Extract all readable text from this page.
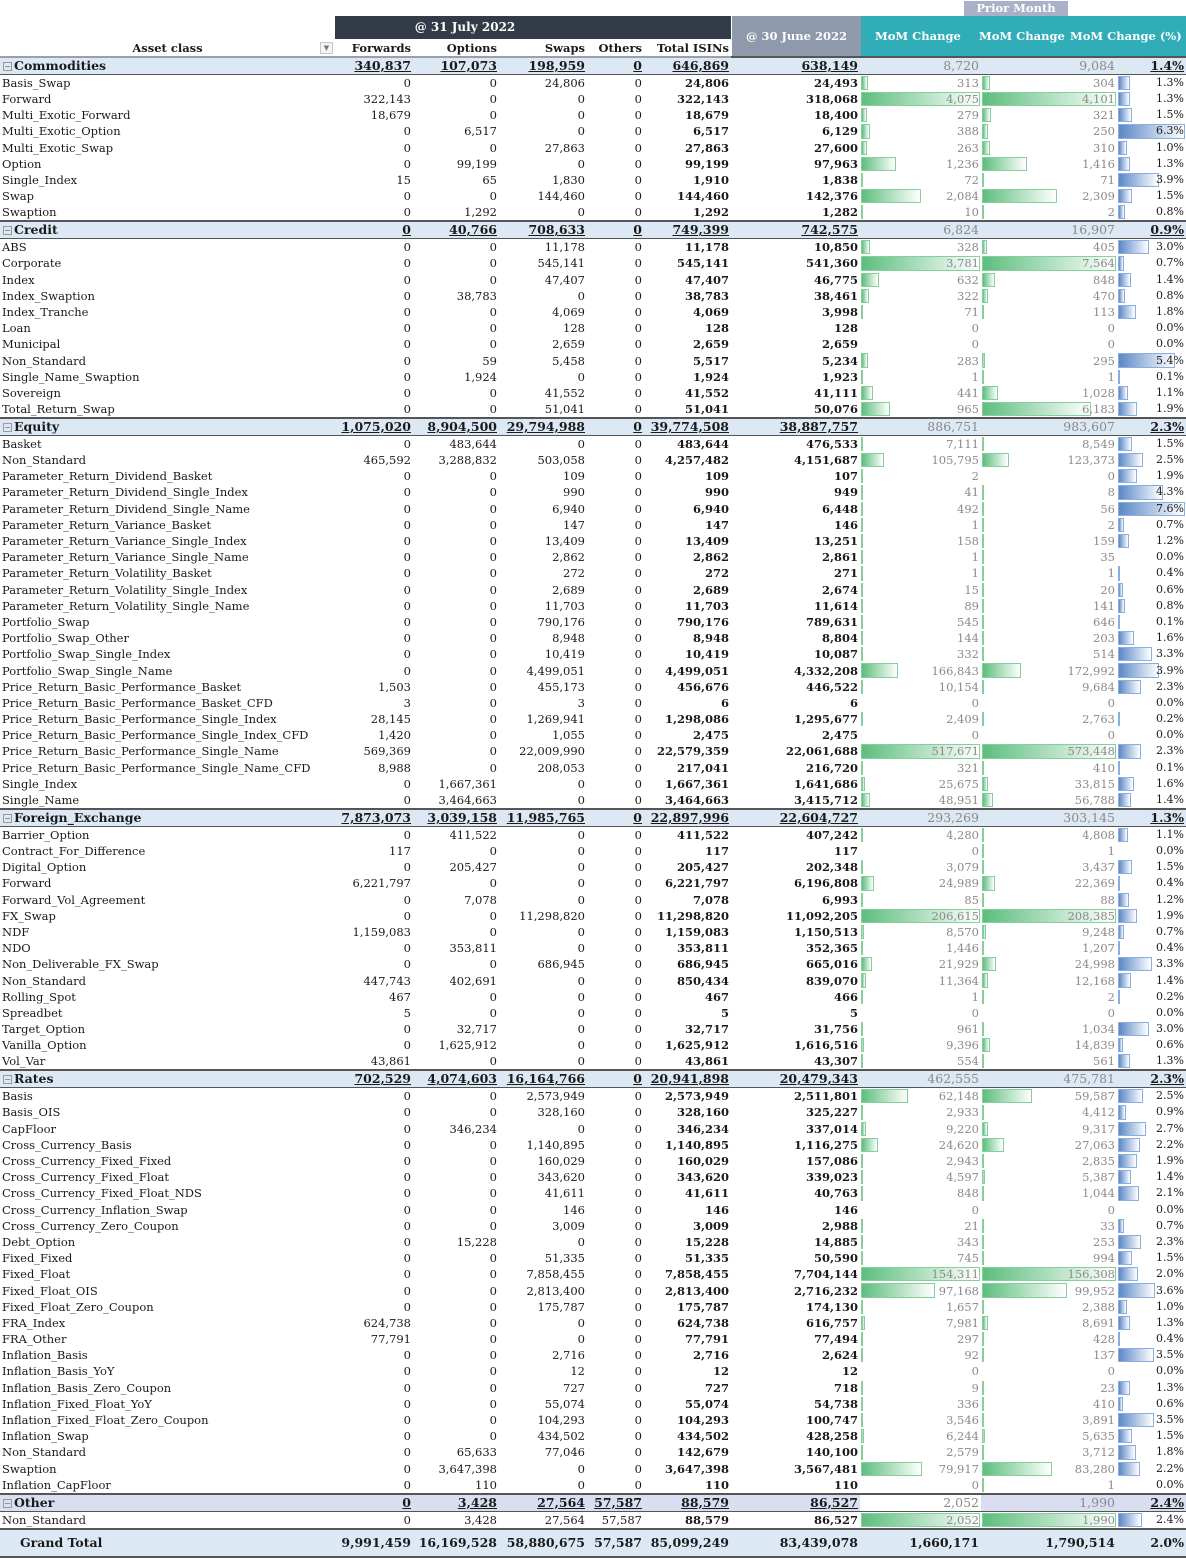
Prior Month
@ 31 July 2022
@ 30 June 2022	MoM Change MoM Change MoM Change (%)
Asset class ▼	Forwards	Options	Swaps	Others	Total ISINs				
− Commodities	340,837	107,073	198,959	0	646,869	638,149	8,720	9,084	1.4%
Basis_Swap	0	0	24,806	0	24,806	24,493	313	304	1.3%
Forward	322,143	0	0	0	322,143	318,068	4,075	4,101	1.3%
Multi_Exotic_Forward	18,679	0	0	0	18,679	18,400	279	321	1.5%
Multi_Exotic_Option	0	6,517	0	0	6,517	6,129	388	250	6.3%
Multi_Exotic_Swap	0	0	27,863	0	27,863	27,600	263	310	1.0%
Option	0	99,199	0	0	99,199	97,963	1,236	1,416	1.3%
Single_Index	15	65	1,830	0	1,910	1,838	72	71	3.9%
Swap	0	0	144,460	0	144,460	142,376	2,084	2,309	1.5%
Swaption	0	1,292	0	0	1,292	1,282	10	2	0.8%
− Credit	0	40,766	708,633	0	749,399	742,575	6,824	16,907	0.9%
ABS	0	0	11,178	0	11,178	10,850	328	405	3.0%
Corporate	0	0	545,141	0	545,141	541,360	3,781	7,564	0.7%
Index	0	0	47,407	0	47,407	46,775	632	848	1.4%
Index_Swaption	0	38,783	0	0	38,783	38,461	322	470	0.8%
Index_Tranche	0	0	4,069	0	4,069	3,998	71	113	1.8%
Loan	0	0	128	0	128	128	0	0	0.0%
Municipal	0	0	2,659	0	2,659	2,659	0	0	0.0%
Non_Standard	0	59	5,458	0	5,517	5,234	283	295	5.4%
Single_Name_Swaption	0	1,924	0	0	1,924	1,923	1	1	0.1%
Sovereign	0	0	41,552	0	41,552	41,111	441	1,028	1.1%
Total_Return_Swap	0	0	51,041	0	51,041	50,076	965	6,183	1.9%
− Equity	1,075,020	8,904,500	29,794,988	0	39,774,508	38,887,757	886,751	983,607	2.3%
Basket	0	483,644	0	0	483,644	476,533	7,111	8,549	1.5%
Non_Standard	465,592	3,288,832	503,058	0	4,257,482	4,151,687	105,795	123,373	2.5%
Parameter_Return_Dividend_Basket	0	0	109	0	109	107	2	0	1.9%
Parameter_Return_Dividend_Single_Index	0	0	990	0	990	949	41	8	4.3%
Parameter_Return_Dividend_Single_Name	0	0	6,940	0	6,940	6,448	492	56	7.6%
Parameter_Return_Variance_Basket	0	0	147	0	147	146	1	2	0.7%
Parameter_Return_Variance_Single_Index	0	0	13,409	0	13,409	13,251	158	159	1.2%
Parameter_Return_Variance_Single_Name	0	0	2,862	0	2,862	2,861	1	35	0.0%
Parameter_Return_Volatility_Basket	0	0	272	0	272	271	1	1	0.4%
Parameter_Return_Volatility_Single_Index	0	0	2,689	0	2,689	2,674	15	20	0.6%
Parameter_Return_Volatility_Single_Name	0	0	11,703	0	11,703	11,614	89	141	0.8%
Portfolio_Swap	0	0	790,176	0	790,176	789,631	545	646	0.1%
Portfolio_Swap_Other	0	0	8,948	0	8,948	8,804	144	203	1.6%
Portfolio_Swap_Single_Index	0	0	10,419	0	10,419	10,087	332	514	3.3%
Portfolio_Swap_Single_Name	0	0	4,499,051	0	4,499,051	4,332,208	166,843	172,992	3.9%
Price_Return_Basic_Performance_Basket	1,503	0	455,173	0	456,676	446,522	10,154	9,684	2.3%
Price_Return_Basic_Performance_Basket_CFD	3	0	3	0	6	6	0	0	0.0%
Price_Return_Basic_Performance_Single_Index	28,145	0	1,269,941	0	1,298,086	1,295,677	2,409	2,763	0.2%
Price_Return_Basic_Performance_Single_Index_CFD	1,420	0	1,055	0	2,475	2,475	0	0	0.0%
Price_Return_Basic_Performance_Single_Name	569,369	0	22,009,990	0	22,579,359	22,061,688	517,671	573,448	2.3%
Price_Return_Basic_Performance_Single_Name_CFD	8,988	0	208,053	0	217,041	216,720	321	410	0.1%
Single_Index	0	1,667,361	0	0	1,667,361	1,641,686	25,675	33,815	1.6%
Single_Name	0	3,464,663	0	0	3,464,663	3,415,712	48,951	56,788	1.4%
− Foreign_Exchange	7,873,073	3,039,158	11,985,765	0	22,897,996	22,604,727	293,269	303,145	1.3%
Barrier_Option	0	411,522	0	0	411,522	407,242	4,280	4,808	1.1%
Contract_For_Difference	117	0	0	0	117	117	0	1	0.0%
Digital_Option	0	205,427	0	0	205,427	202,348	3,079	3,437	1.5%
Forward	6,221,797	0	0	0	6,221,797	6,196,808	24,989	22,369	0.4%
Forward_Vol_Agreement	0	7,078	0	0	7,078	6,993	85	88	1.2%
FX_Swap	0	0	11,298,820	0	11,298,820	11,092,205	206,615	208,385	1.9%
NDF	1,159,083	0	0	0	1,159,083	1,150,513	8,570	9,248	0.7%
NDO	0	353,811	0	0	353,811	352,365	1,446	1,207	0.4%
Non_Deliverable_FX_Swap	0	0	686,945	0	686,945	665,016	21,929	24,998	3.3%
Non_Standard	447,743	402,691	0	0	850,434	839,070	11,364	12,168	1.4%
Rolling_Spot	467	0	0	0	467	466	1	2	0.2%
Spreadbet	5	0	0	0	5	5	0	0	0.0%
Target_Option	0	32,717	0	0	32,717	31,756	961	1,034	3.0%
Vanilla_Option	0	1,625,912	0	0	1,625,912	1,616,516	9,396	14,839	0.6%
Vol_Var	43,861	0	0	0	43,861	43,307	554	561	1.3%
− Rates	702,529	4,074,603	16,164,766	0	20,941,898	20,479,343	462,555	475,781	2.3%
Basis	0	0	2,573,949	0	2,573,949	2,511,801	62,148	59,587	2.5%
Basis_OIS	0	0	328,160	0	328,160	325,227	2,933	4,412	0.9%
CapFloor	0	346,234	0	0	346,234	337,014	9,220	9,317	2.7%
Cross_Currency_Basis	0	0	1,140,895	0	1,140,895	1,116,275	24,620	27,063	2.2%
Cross_Currency_Fixed_Fixed	0	0	160,029	0	160,029	157,086	2,943	2,835	1.9%
Cross_Currency_Fixed_Float	0	0	343,620	0	343,620	339,023	4,597	5,387	1.4%
Cross_Currency_Fixed_Float_NDS	0	0	41,611	0	41,611	40,763	848	1,044	2.1%
Cross_Currency_Inflation_Swap	0	0	146	0	146	146	0	0	0.0%
Cross_Currency_Zero_Coupon	0	0	3,009	0	3,009	2,988	21	33	0.7%
Debt_Option	0	15,228	0	0	15,228	14,885	343	253	2.3%
Fixed_Fixed	0	0	51,335	0	51,335	50,590	745	994	1.5%
Fixed_Float	0	0	7,858,455	0	7,858,455	7,704,144	154,311	156,308	2.0%
Fixed_Float_OIS	0	0	2,813,400	0	2,813,400	2,716,232	97,168	99,952	3.6%
Fixed_Float_Zero_Coupon	0	0	175,787	0	175,787	174,130	1,657	2,388	1.0%
FRA_Index	624,738	0	0	0	624,738	616,757	7,981	8,691	1.3%
FRA_Other	77,791	0	0	0	77,791	77,494	297	428	0.4%
Inflation_Basis	0	0	2,716	0	2,716	2,624	92	137	3.5%
Inflation_Basis_YoY	0	0	12	0	12	12	0	0	0.0%
Inflation_Basis_Zero_Coupon	0	0	727	0	727	718	9	23	1.3%
Inflation_Fixed_Float_YoY	0	0	55,074	0	55,074	54,738	336	410	0.6%
Inflation_Fixed_Float_Zero_Coupon	0	0	104,293	0	104,293	100,747	3,546	3,891	3.5%
Inflation_Swap	0	0	434,502	0	434,502	428,258	6,244	5,635	1.5%
Non_Standard	0	65,633	77,046	0	142,679	140,100	2,579	3,712	1.8%
Swaption	0	3,647,398	0	0	3,647,398	3,567,481	79,917	83,280	2.2%
Inflation_CapFloor	0	110	0	0	110	110	0	1	0.0%
− Other	0	3,428	27,564	57,587	88,579	86,527	2,052	1,990	2.4%
Non_Standard	0	3,428	27,564	57,587	88,579	86,527	2,052	1,990	2.4%
Grand Total	9,991,459	16,169,528	58,880,675	57,587	85,099,249	83,439,078	1,660,171	1,790,514	2.0%
